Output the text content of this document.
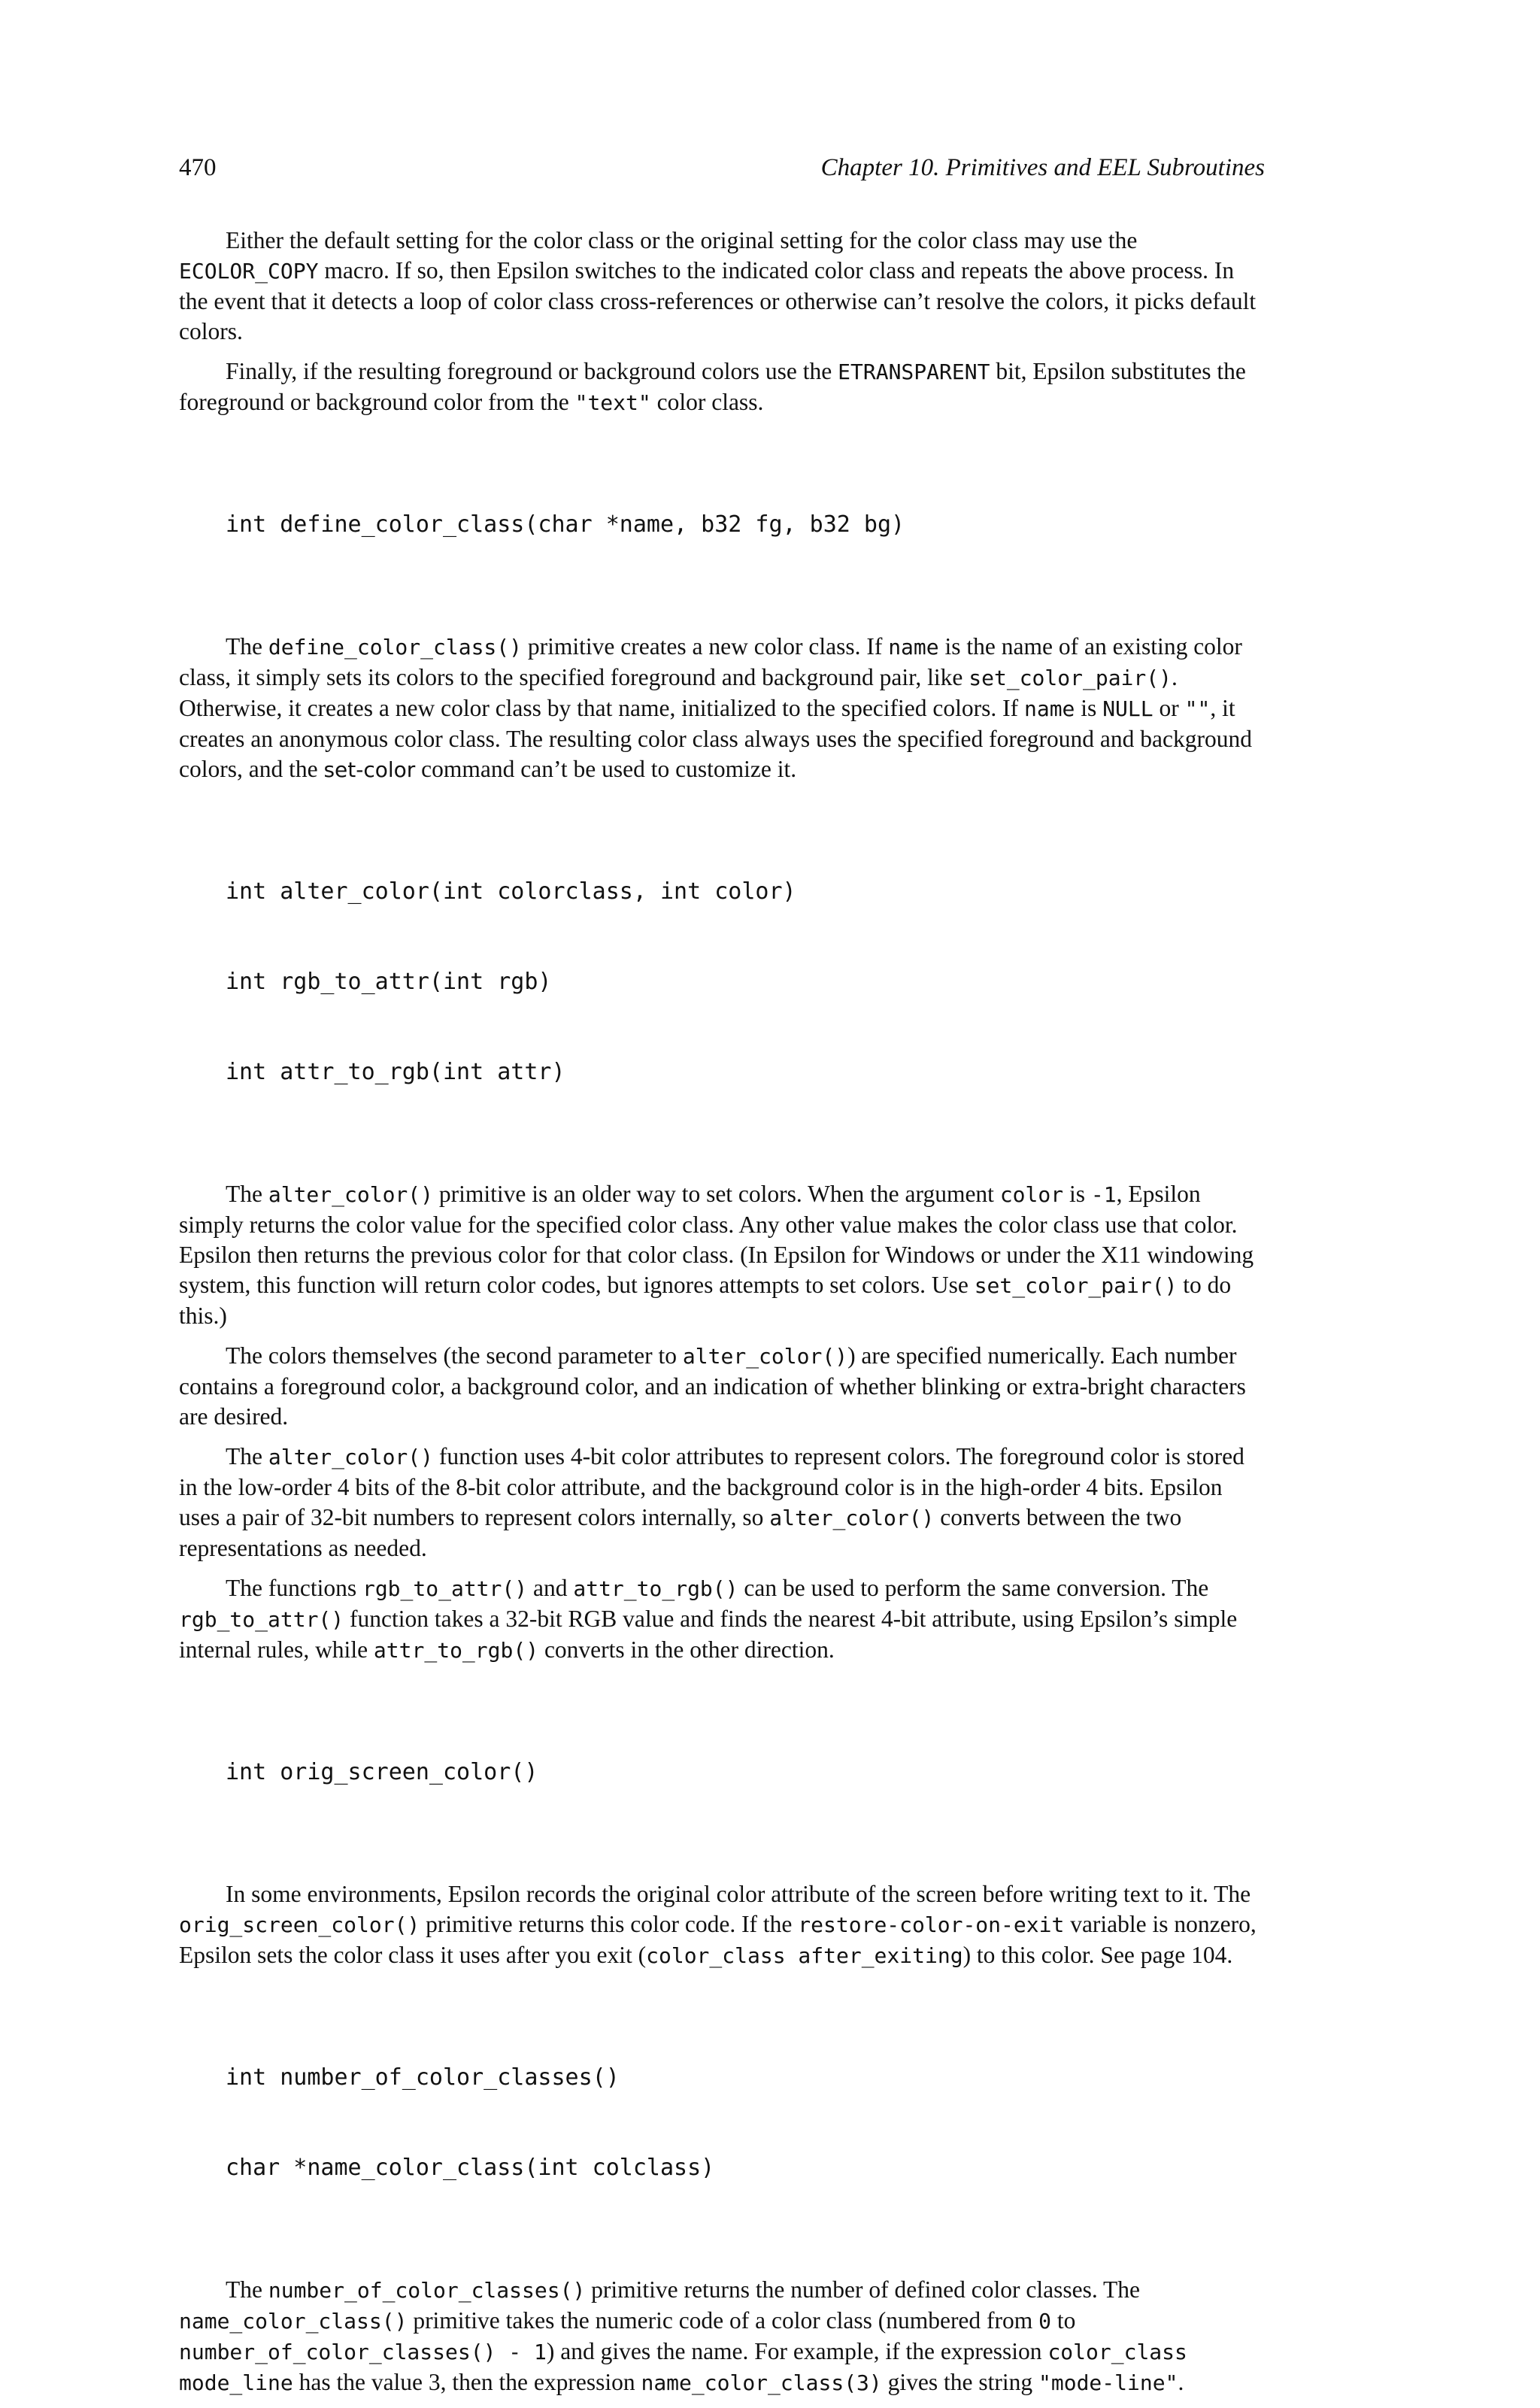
470	Chapter 10. Primitives and EEL Subroutines

Either the default setting for the color class or the original setting for the color class may use the ECOLOR_COPY macro. If so, then Epsilon switches to the indicated color class and repeats the above process. In the event that it detects a loop of color class cross-references or otherwise can’t resolve the colors, it picks default colors.

Finally, if the resulting foreground or background colors use the ETRANSPARENT bit, Epsilon substitutes the foreground or background color from the "text" color class.

int define_color_class(char *name, b32 fg, b32 bg)

The define_color_class() primitive creates a new color class. If name is the name of an existing color class, it simply sets its colors to the specified foreground and background pair, like set_color_pair(). Otherwise, it creates a new color class by that name, initialized to the specified colors. If name is NULL or "", it creates an anonymous color class. The resulting color class always uses the specified foreground and background colors, and the set-color command can’t be used to customize it.

int alter_color(int colorclass, int color)

int rgb_to_attr(int rgb)

int attr_to_rgb(int attr)

The alter_color() primitive is an older way to set colors. When the argument color is -1, Epsilon simply returns the color value for the specified color class. Any other value makes the color class use that color. Epsilon then returns the previous color for that color class. (In Epsilon for Windows or under the X11 windowing system, this function will return color codes, but ignores attempts to set colors. Use set_color_pair() to do this.)

The colors themselves (the second parameter to alter_color()) are specified numerically. Each number contains a foreground color, a background color, and an indication of whether blinking or extra-bright characters are desired.

The alter_color() function uses 4-bit color attributes to represent colors. The foreground color is stored in the low-order 4 bits of the 8-bit color attribute, and the background color is in the high-order 4 bits. Epsilon uses a pair of 32-bit numbers to represent colors internally, so alter_color() converts between the two representations as needed.

The functions rgb_to_attr() and attr_to_rgb() can be used to perform the same conversion. The rgb_to_attr() function takes a 32-bit RGB value and finds the nearest 4-bit attribute, using Epsilon’s simple internal rules, while attr_to_rgb() converts in the other direction.

int orig_screen_color()

In some environments, Epsilon records the original color attribute of the screen before writing text to it. The orig_screen_color() primitive returns this color code. If the restore-color-on-exit variable is nonzero, Epsilon sets the color class it uses after you exit (color_class after_exiting) to this color. See page 104.

int number_of_color_classes()

char *name_color_class(int colclass)

The number_of_color_classes() primitive returns the number of defined color classes. The name_color_class() primitive takes the numeric code of a color class (numbered from 0 to number_of_color_classes() - 1) and gives the name. For example, if the expression color_class mode_line has the value 3, then the expression name_color_class(3) gives the string "mode-line".
